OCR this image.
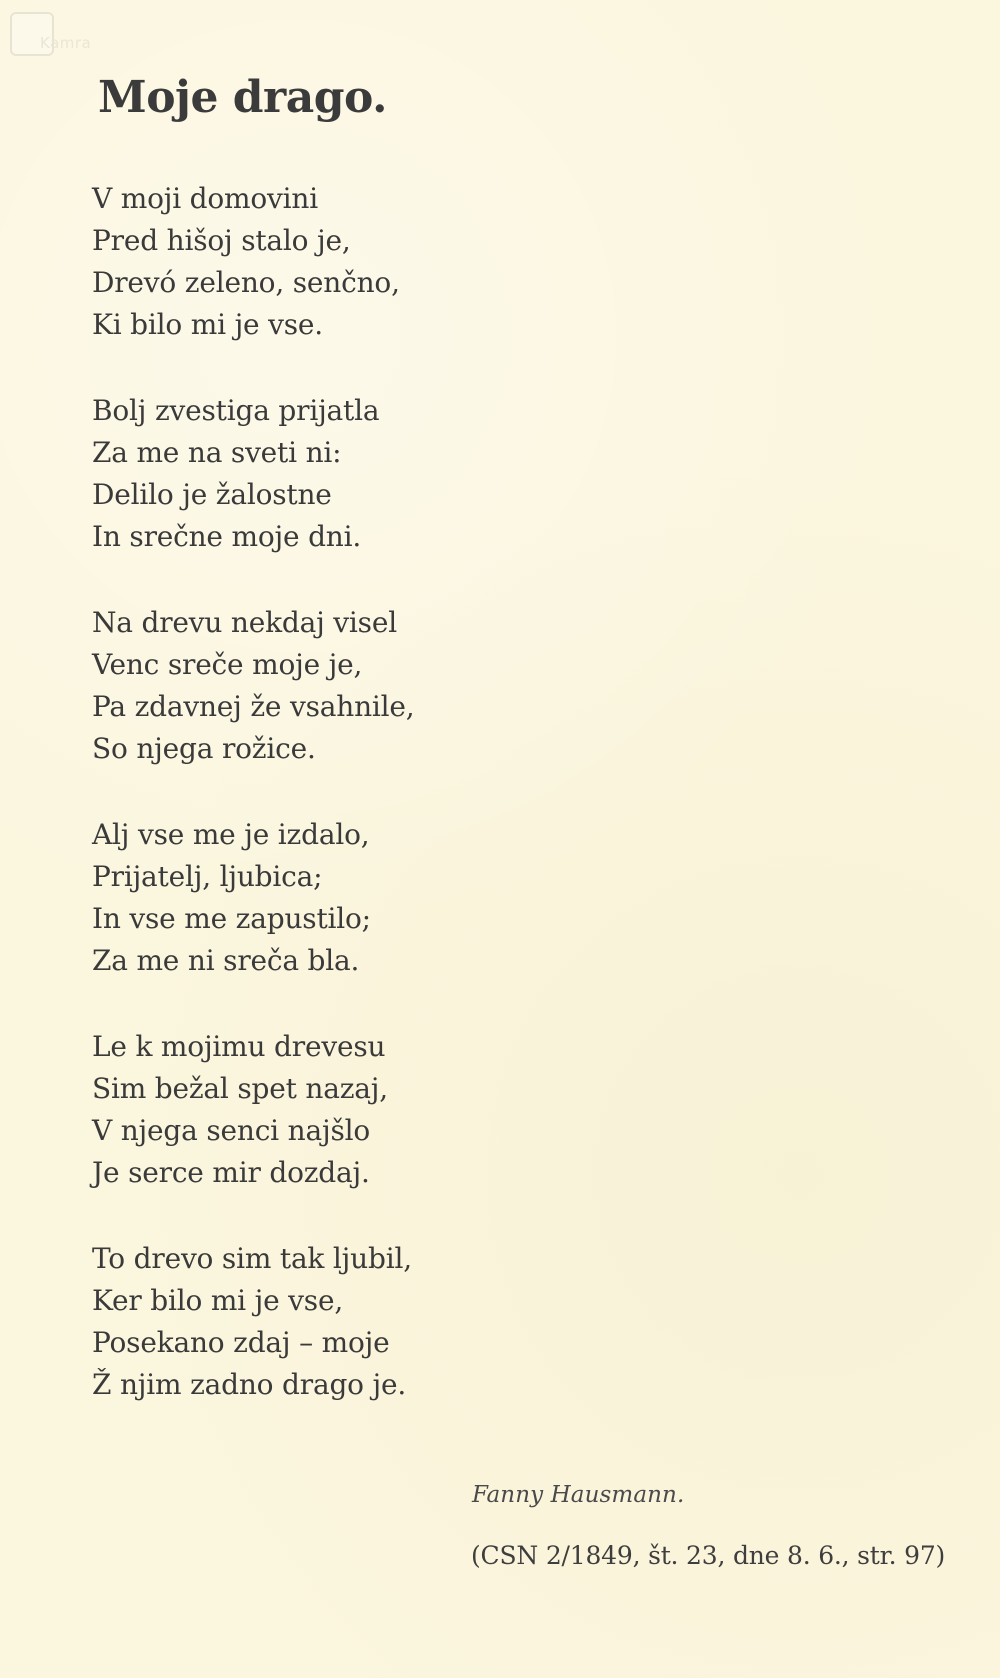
Kamra
Moje drago.
V moji domovini
Pred hišoj stalo je,
Drevó zeleno, senčno,
Ki bilo mi je vse.
Bolj zvestiga prijatla
Za me na sveti ni:
Delilo je žalostne
In srečne moje dni.
Na drevu nekdaj visel
Venc sreče moje je,
Pa zdavnej že vsahnile,
So njega rožice.
Alj vse me je izdalo,
Prijatelj, ljubica;
In vse me zapustilo;
Za me ni sreča bla.
Le k mojimu drevesu
Sim bežal spet nazaj,
V njega senci najšlo
Je serce mir dozdaj.
To drevo sim tak ljubil,
Ker bilo mi je vse,
Posekano zdaj – moje
Ž njim zadno drago je.
Fanny Hausmann.
(CSN 2/1849, št. 23, dne 8. 6., str. 97)
